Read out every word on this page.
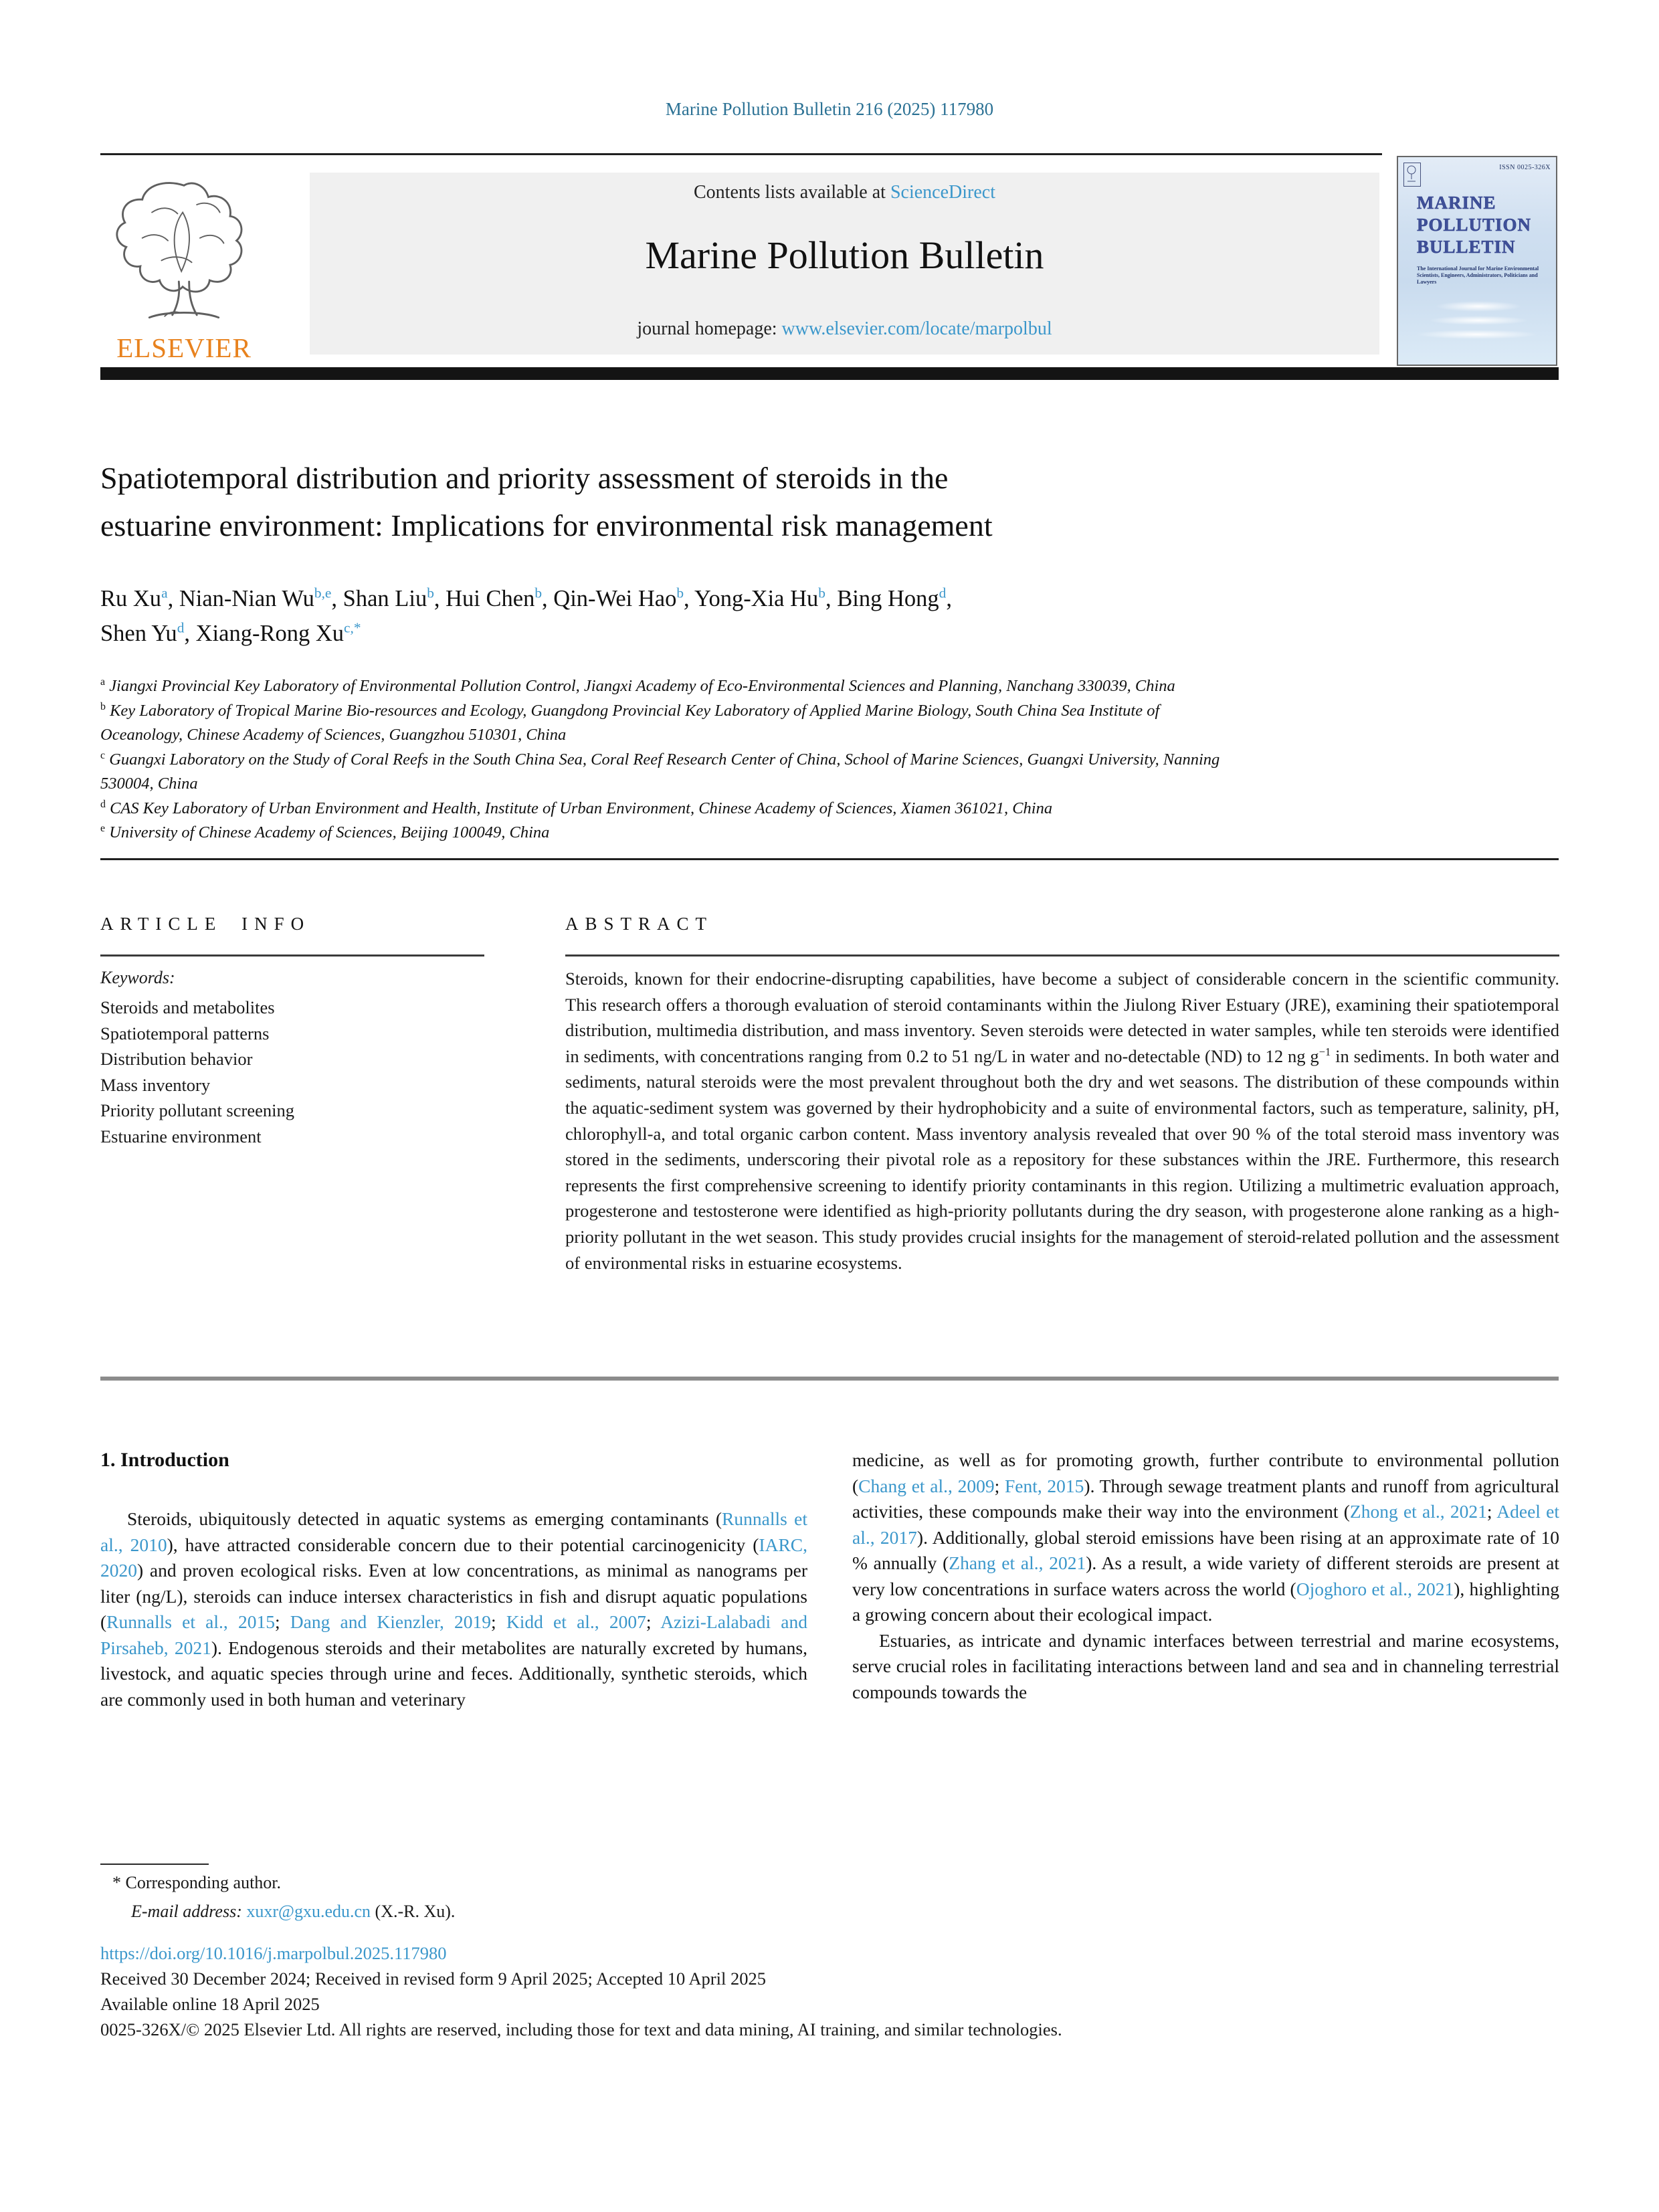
Marine Pollution Bulletin 216 (2025) 117980
ELSEVIER
Contents lists available at ScienceDirect
Marine Pollution Bulletin
journal homepage: www.elsevier.com/locate/marpolbul
ISSN 0025-326X
MARINE
POLLUTION
BULLETIN
The International Journal for Marine Environmental Scientists, Engineers, Administrators, Politicians and Lawyers
Spatiotemporal distribution and priority assessment of steroids in the
estuarine environment: Implications for environmental risk management
Ru Xu$^a$, Nian-Nian Wu$^{b,e}$, Shan Liu$^b$, Hui Chen$^b$, Qin-Wei Hao$^b$, Yong-Xia Hu$^b$, Bing Hong$^d$,
Shen Yu$^d$, Xiang-Rong $Xu^{c,*}$
$^a$ Jiangxi Provincial Key Laboratory of Environmental Pollution Control, Jiangxi Academy of Eco-Environmental Sciences and Planning, Nanchang 330039, China
$^b$ Key Laboratory of Tropical Marine Bio-resources and Ecology, Guangdong Provincial Key Laboratory of Applied Marine Biology, South China Sea Institute of
Oceanology, Chinese Academy of Sciences, Guangzhou 510301, China
$^c$ Guangxi Laboratory on the Study of Coral Reefs in the South China Sea, Coral Reef Research Center of China, School of Marine Sciences, Guangxi University, Nanning
530004, China
$^d$ CAS Key Laboratory of Urban Environment and Health, Institute of Urban Environment, Chinese Academy of Sciences, Xiamen 361021, China
$^e$ University of Chinese Academy of Sciences, Beijing 100049, China
ARTICLE INFO
Keywords:
Steroids and metabolites
Spatiotemporal patterns
Distribution behavior
Mass inventory
Priority pollutant screening
Estuarine environment
ABSTRACT
Steroids, known for their endocrine-disrupting capabilities, have become a subject of considerable concern in the scientific community. This research offers a thorough evaluation of steroid contaminants within the Jiulong River Estuary (JRE), examining their spatiotemporal distribution, multimedia distribution, and mass inventory. Seven steroids were detected in water samples, while ten steroids were identified in sediments, with concentrations ranging from 0.2 to 51 ng/L in water and no-detectable (ND) to 12 ng $g^{-1}$ in sediments. In both water and sediments, natural steroids were the most prevalent throughout both the dry and wet seasons. The distribution of these compounds within the aquatic-sediment system was governed by their hydrophobicity and a suite of environmental factors, such as temperature, salinity, pH, chlorophyll-a, and total organic carbon content. Mass inventory analysis revealed that over 90 % of the total steroid mass inventory was stored in the sediments, underscoring their pivotal role as a repository for these substances within the JRE. Furthermore, this research represents the first comprehensive screening to identify priority contaminants in this region. Utilizing a multimetric evaluation approach, progesterone and testosterone were identified as high-priority pollutants during the dry season, with progesterone alone ranking as a high-priority pollutant in the wet season. This study provides crucial insights for the management of steroid-related pollution and the assessment of environmental risks in estuarine ecosystems.
1. Introduction

Steroids, ubiquitously detected in aquatic systems as emerging contaminants (Runnalls et al., 2010), have attracted considerable concern due to their potential carcinogenicity (IARC, 2020) and proven ecological risks. Even at low concentrations, as minimal as nanograms per liter (ng/L), steroids can induce intersex characteristics in fish and disrupt aquatic populations (Runnalls et al., 2015; Dang and Kienzler, 2019; Kidd et al., 2007; Azizi-Lalabadi and Pirsaheb, 2021). Endogenous steroids and their metabolites are naturally excreted by humans, livestock, and aquatic species through urine and feces. Additionally, synthetic steroids, which are commonly used in both human and veterinary

medicine, as well as for promoting growth, further contribute to environmental pollution (Chang et al., 2009; Fent, 2015). Through sewage treatment plants and runoff from agricultural activities, these compounds make their way into the environment (Zhong et al., 2021; Adeel et al., 2017). Additionally, global steroid emissions have been rising at an approximate rate of 10 % annually (Zhang et al., 2021). As a result, a wide variety of different steroids are present at very low concentrations in surface waters across the world (Ojoghoro et al., 2021), highlighting a growing concern about their ecological impact.

Estuaries, as intricate and dynamic interfaces between terrestrial and marine ecosystems, serve crucial roles in facilitating interactions between land and sea and in channeling terrestrial compounds towards the

* Corresponding author.
E-mail address: xuxr@gxu.edu.cn (X.-R. Xu).
https://doi.org/10.1016/j.marpolbul.2025.117980
Received 30 December 2024; Received in revised form 9 April 2025; Accepted 10 April 2025
Available online 18 April 2025
0025-326X/© 2025 Elsevier Ltd. All rights are reserved, including those for text and data mining, AI training, and similar technologies.
